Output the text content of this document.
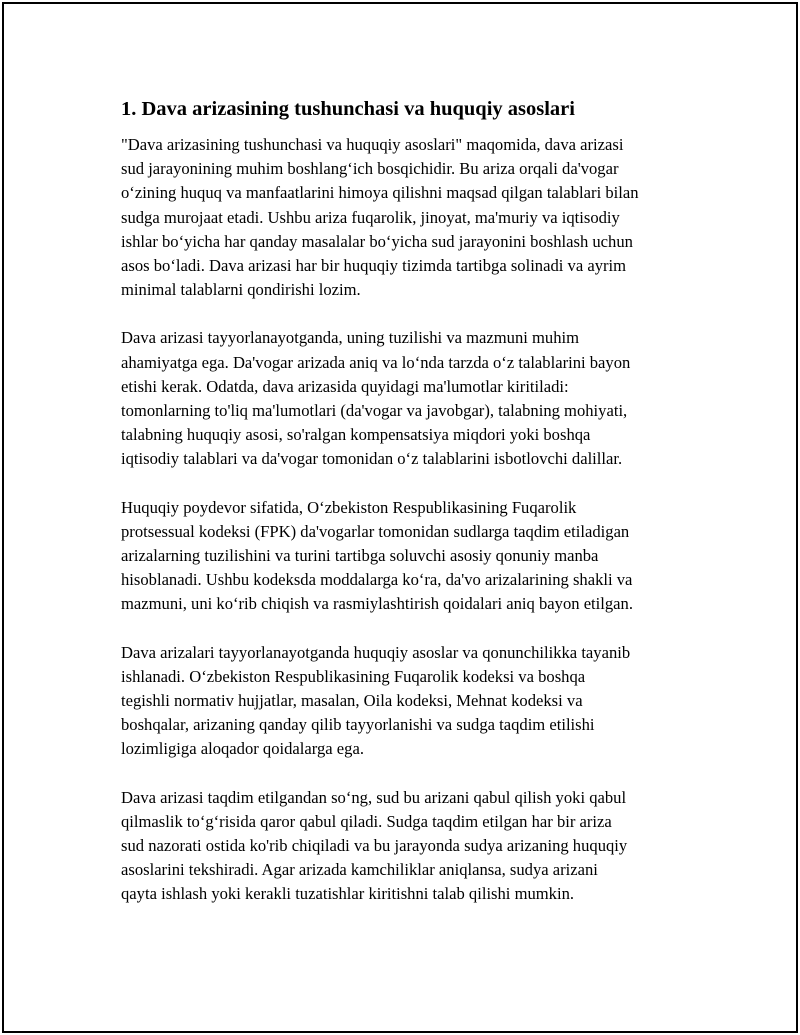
1. Dava arizasining tushunchasi va huquqiy asoslari

"Dava arizasining tushunchasi va huquqiy asoslari" maqomida, dava arizasi
sud jarayonining muhim boshlang‘ich bosqichidir. Bu ariza orqali da'vogar
o‘zining huquq va manfaatlarini himoya qilishni maqsad qilgan talablari bilan
sudga murojaat etadi. Ushbu ariza fuqarolik, jinoyat, ma'muriy va iqtisodiy
ishlar bo‘yicha har qanday masalalar bo‘yicha sud jarayonini boshlash uchun
asos bo‘ladi. Dava arizasi har bir huquqiy tizimda tartibga solinadi va ayrim
minimal talablarni qondirishi lozim.

Dava arizasi tayyorlanayotganda, uning tuzilishi va mazmuni muhim
ahamiyatga ega. Da'vogar arizada aniq va lo‘nda tarzda o‘z talablarini bayon
etishi kerak. Odatda, dava arizasida quyidagi ma'lumotlar kiritiladi:
tomonlarning to'liq ma'lumotlari (da'vogar va javobgar), talabning mohiyati,
talabning huquqiy asosi, so'ralgan kompensatsiya miqdori yoki boshqa
iqtisodiy talablari va da'vogar tomonidan o‘z talablarini isbotlovchi dalillar.

Huquqiy poydevor sifatida, O‘zbekiston Respublikasining Fuqarolik
protsessual kodeksi (FPK) da'vogarlar tomonidan sudlarga taqdim etiladigan
arizalarning tuzilishini va turini tartibga soluvchi asosiy qonuniy manba
hisoblanadi. Ushbu kodeksda moddalarga ko‘ra, da'vo arizalarining shakli va
mazmuni, uni ko‘rib chiqish va rasmiylashtirish qoidalari aniq bayon etilgan.

Dava arizalari tayyorlanayotganda huquqiy asoslar va qonunchilikka tayanib
ishlanadi. O‘zbekiston Respublikasining Fuqarolik kodeksi va boshqa
tegishli normativ hujjatlar, masalan, Oila kodeksi, Mehnat kodeksi va
boshqalar, arizaning qanday qilib tayyorlanishi va sudga taqdim etilishi
lozimligiga aloqador qoidalarga ega.

Dava arizasi taqdim etilgandan so‘ng, sud bu arizani qabul qilish yoki qabul
qilmaslik to‘g‘risida qaror qabul qiladi. Sudga taqdim etilgan har bir ariza
sud nazorati ostida ko'rib chiqiladi va bu jarayonda sudya arizaning huquqiy
asoslarini tekshiradi. Agar arizada kamchiliklar aniqlansa, sudya arizani
qayta ishlash yoki kerakli tuzatishlar kiritishni talab qilishi mumkin.
